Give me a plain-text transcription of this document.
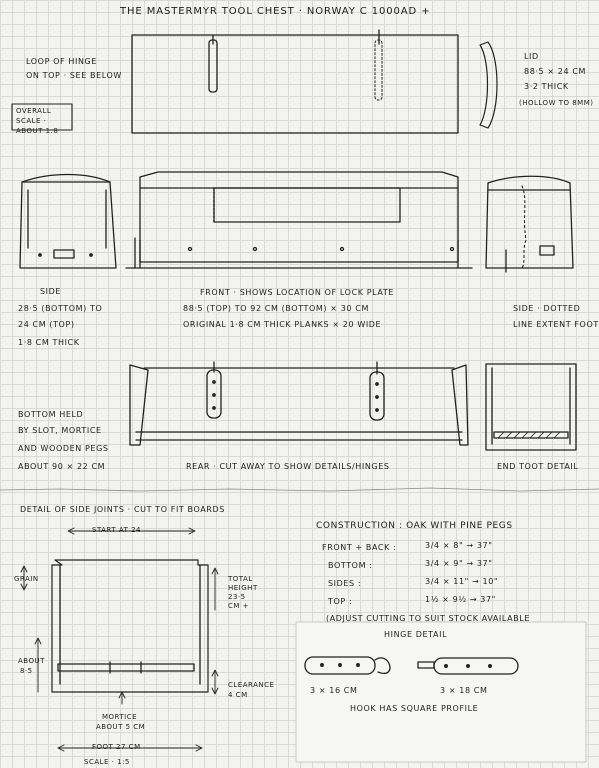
THE MASTERMYR TOOL CHEST · NORWAY C 1000AD +
LOOP OF HINGE
ON TOP · SEE BELOW
OVERALL SCALE · ABOUT 1:8
LID
88·5 × 24 CM
3·2 THICK
(HOLLOW TO 8MM)
SIDE
28·5 (BOTTOM) TO
24 CM (TOP)
1·8 CM THICK
FRONT · SHOWS LOCATION OF LOCK PLATE
88·5 (TOP) TO 92 CM (BOTTOM) × 30 CM
ORIGINAL 1·8 CM THICK PLANKS × 20 WIDE
SIDE · DOTTED
LINE EXTENT FOOT
BOTTOM HELD
BY SLOT, MORTICE
AND WOODEN PEGS
ABOUT 90 × 22 CM	REAR · CUT AWAY TO SHOW DETAILS/HINGES	END TOOT DETAIL
DETAIL OF SIDE JOINTS · CUT TO FIT BOARDS
START AT 24
GRAIN	TOTAL
HEIGHT
23·5
CM +
ABOUT
8·5
CLEARANCE
4 CM
MORTICE
ABOUT 5 CM
FOOT 27 CM
SCALE · 1:5
CONSTRUCTION : OAK WITH PINE PEGS
FRONT + BACK :	3/4 × 8" → 37"
BOTTOM :	3/4 × 9" → 37"
SIDES :	3/4 × 11" → 10"
TOP :	1½ × 9½ → 37"
(ADJUST CUTTING TO SUIT STOCK AVAILABLE
HINGE DETAIL
3 × 16 CM	3 × 18 CM
HOOK HAS SQUARE PROFILE
